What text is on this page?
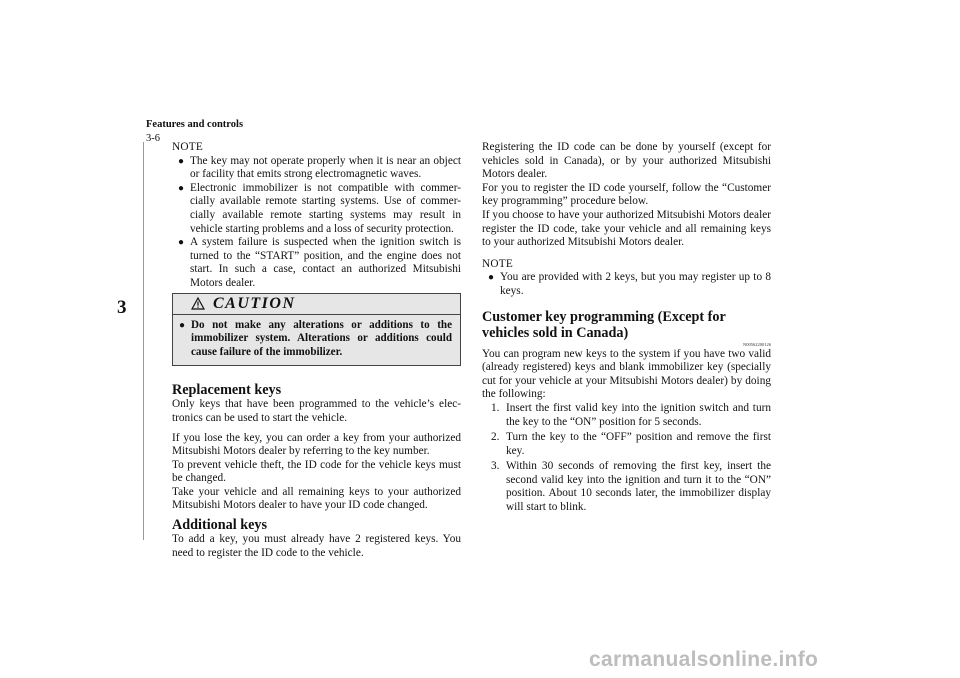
Features and controls
3-6
3
NOTE
● The key may not operate properly when it is near an object or facility that emits strong electromagnetic waves.
● Electronic immobilizer is not compatible with commer-cially available remote starting systems. Use of commer-cially available remote starting systems may result in vehicle starting problems and a loss of security protection.
● A system failure is suspected when the ignition switch is turned to the “START” position, and the engine does not start. In such a case, contact an authorized Mitsubishi Motors dealer.
CAUTION
● Do not make any alterations or additions to the immobilizer system. Alterations or additions could cause failure of the immobilizer.
Replacement keys

Only keys that have been programmed to the vehicle’s elec-tronics can be used to start the vehicle.

If you lose the key, you can order a key from your authorized Mitsubishi Motors dealer by referring to the key number.

To prevent vehicle theft, the ID code for the vehicle keys must be changed.

Take your vehicle and all remaining keys to your authorized Mitsubishi Motors dealer to have your ID code changed.

Additional keys

To add a key, you must already have 2 registered keys. You need to register the ID code to the vehicle.

Registering the ID code can be done by yourself (except for vehicles sold in Canada), or by your authorized Mitsubishi Motors dealer.

For you to register the ID code yourself, follow the “Customer key programming” procedure below.

If you choose to have your authorized Mitsubishi Motors dealer register the ID code, take your vehicle and all remaining keys to your authorized Mitsubishi Motors dealer.

NOTE
● You are provided with 2 keys, but you may register up to 8 keys.
Customer key programming (Except for vehicles sold in Canada)
N00562200126

You can program new keys to the system if you have two valid (already registered) keys and blank immobilizer key (specially cut for your vehicle at your Mitsubishi Motors dealer) by doing the following:

1. Insert the first valid key into the ignition switch and turn the key to the “ON” position for 5 seconds.
2. Turn the key to the “OFF” position and remove the first key.
3. Within 30 seconds of removing the first key, insert the second valid key into the ignition and turn it to the “ON” position. About 10 seconds later, the immobilizer display will start to blink.
carmanualsonline.info
